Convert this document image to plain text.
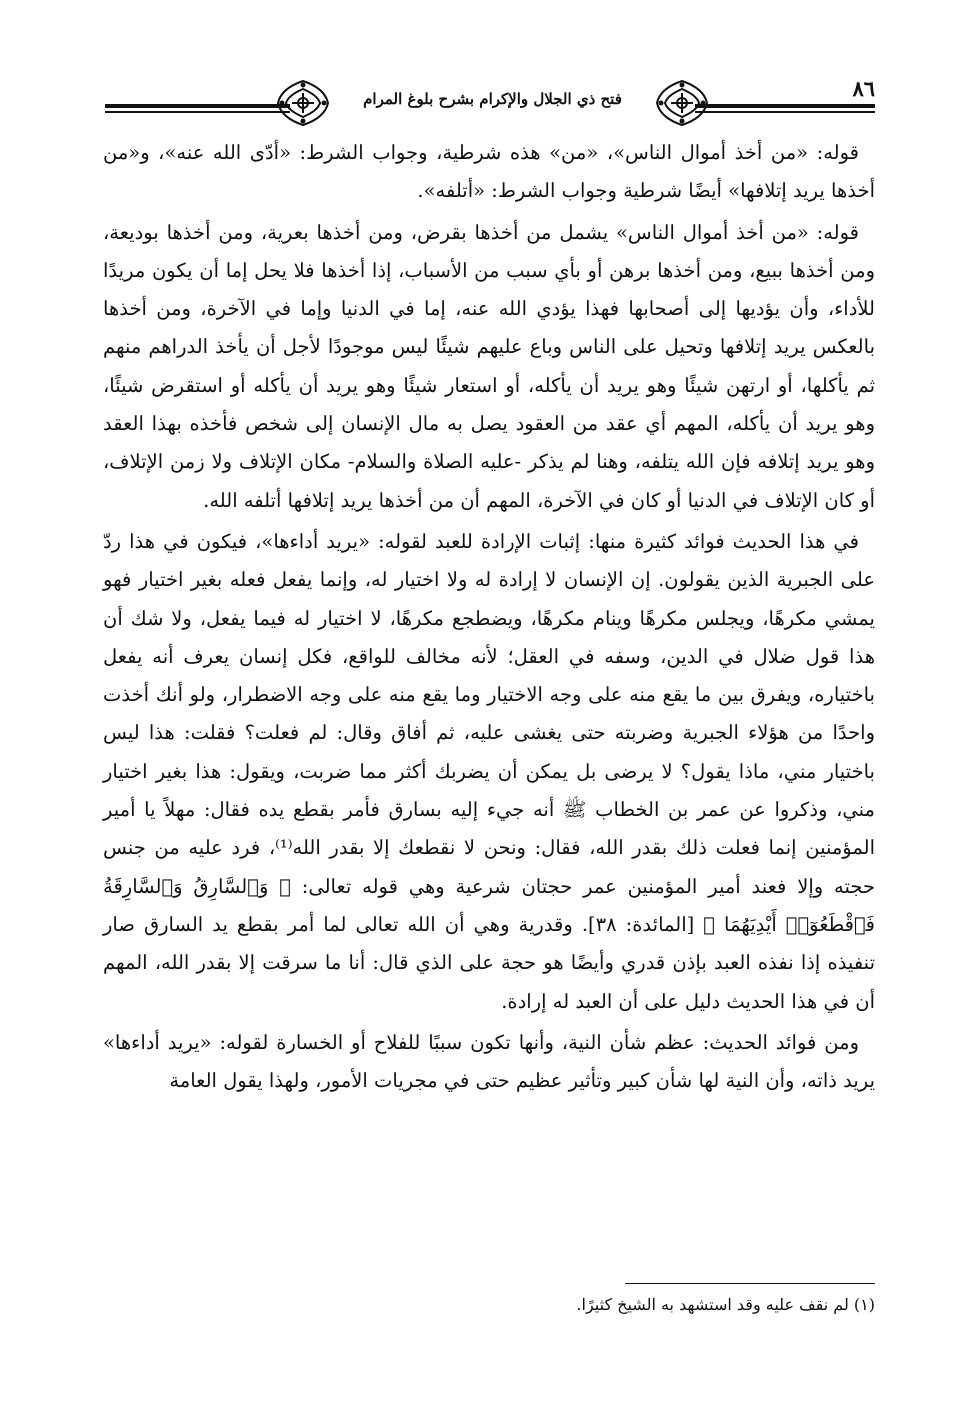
٨٦
فتح ذي الجلال والإكرام بشرح بلوغ المرام

قوله: «من أخذ أموال الناس»، «من» هذه شرطية، وجواب الشرط: «أدّى الله عنه»، و«من أخذها يريد إتلافها» أيضًا شرطية وجواب الشرط: «أتلفه».

قوله: «من أخذ أموال الناس» يشمل من أخذها بقرض، ومن أخذها بعرية، ومن أخذها بوديعة، ومن أخذها ببيع، ومن أخذها برهن أو بأي سبب من الأسباب، إذا أخذها فلا يحل إما أن يكون مريدًا للأداء، وأن يؤديها إلى أصحابها فهذا يؤدي الله عنه، إما في الدنيا وإما في الآخرة، ومن أخذها بالعكس يريد إتلافها وتحيل على الناس وباع عليهم شيئًا ليس موجودًا لأجل أن يأخذ الدراهم منهم ثم يأكلها، أو ارتهن شيئًا وهو يريد أن يأكله، أو استعار شيئًا وهو يريد أن يأكله أو استقرض شيئًا، وهو يريد أن يأكله، المهم أي عقد من العقود يصل به مال الإنسان إلى شخص فأخذه بهذا العقد وهو يريد إتلافه فإن الله يتلفه، وهنا لم يذكر -عليه الصلاة والسلام- مكان الإتلاف ولا زمن الإتلاف، أو كان الإتلاف في الدنيا أو كان في الآخرة، المهم أن من أخذها يريد إتلافها أتلفه الله.

في هذا الحديث فوائد كثيرة منها: إثبات الإرادة للعبد لقوله: «يريد أداءها»، فيكون في هذا ردّ على الجبرية الذين يقولون. إن الإنسان لا إرادة له ولا اختيار له، وإنما يفعل فعله بغير اختيار فهو يمشي مكرهًا، ويجلس مكرهًا وينام مكرهًا، ويضطجع مكرهًا، لا اختيار له فيما يفعل، ولا شك أن هذا قول ضلال في الدين، وسفه في العقل؛ لأنه مخالف للواقع، فكل إنسان يعرف أنه يفعل باختياره، ويفرق بين ما يقع منه على وجه الاختيار وما يقع منه على وجه الاضطرار، ولو أنك أخذت واحدًا من هؤلاء الجبرية وضربته حتى يغشى عليه، ثم أفاق وقال: لم فعلت؟ فقلت: هذا ليس باختيار مني، ماذا يقول؟ لا يرضى بل يمكن أن يضربك أكثر مما ضربت، ويقول: هذا بغير اختيار مني، وذكروا عن عمر بن الخطاب ﷺ أنه جيء إليه بسارق فأمر بقطع يده فقال: مهلاً يا أمير المؤمنين إنما فعلت ذلك بقدر الله، فقال: ونحن لا نقطعك إلا بقدر الله⁽¹⁾، فرد عليه من جنس حجته وإلا فعند أمير المؤمنين عمر حجتان شرعية وهي قوله تعالى: ﴿ وَٱلسَّارِقُ وَٱلسَّارِقَةُ فَٱقْطَعُوٓا۟ أَيْدِيَهُمَا ﴾ [المائدة: ٣٨]. وقدرية وهي أن الله تعالى لما أمر بقطع يد السارق صار تنفيذه إذا نفذه العبد بإذن قدري وأيضًا هو حجة على الذي قال: أنا ما سرقت إلا بقدر الله، المهم أن في هذا الحديث دليل على أن العبد له إرادة.

ومن فوائد الحديث: عظم شأن النية، وأنها تكون سببًا للفلاح أو الخسارة لقوله: «يريد أداءها» يريد ذاته، وأن النية لها شأن كبير وتأثير عظيم حتى في مجريات الأمور، ولهذا يقول العامة

(١) لم نقف عليه وقد استشهد به الشيخ كثيرًا.
